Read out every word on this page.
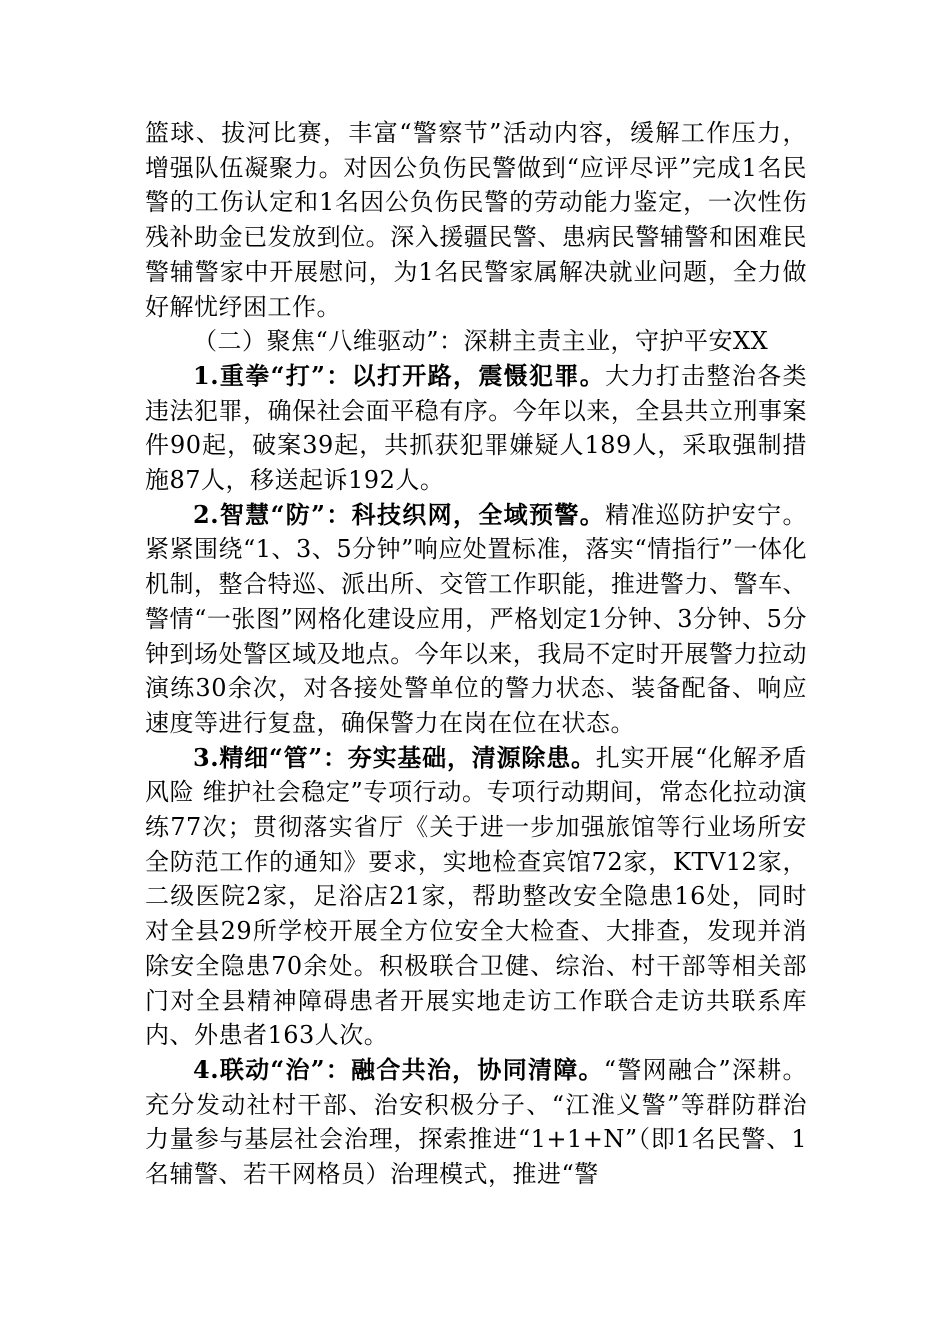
篮球、拔河比赛，丰富“警察节”活动内容，缓解工作压力，增强队伍凝聚力。对因公负伤民警做到“应评尽评”完成1名民警的工伤认定和1名因公负伤民警的劳动能力鉴定，一次性伤残补助金已发放到位。深入援疆民警、患病民警辅警和困难民警辅警家中开展慰问，为1名民警家属解决就业问题，全力做好解忧纾困工作。

（二）聚焦“八维驱动”：深耕主责主业，守护平安XX

1.重拳“打”：以打开路，震慑犯罪。大力打击整治各类违法犯罪，确保社会面平稳有序。今年以来，全县共立刑事案件90起，破案39起，共抓获犯罪嫌疑人189人，采取强制措施87人，移送起诉192人。

2.智慧“防”：科技织网，全域预警。精准巡防护安宁。紧紧围绕“1、3、5分钟”响应处置标准，落实“情指行”一体化机制，整合特巡、派出所、交管工作职能，推进警力、警车、警情“一张图”网格化建设应用，严格划定1分钟、3分钟、5分钟到场处警区域及地点。今年以来，我局不定时开展警力拉动演练30余次，对各接处警单位的警力状态、装备配备、响应速度等进行复盘，确保警力在岗在位在状态。

3.精细“管”：夯实基础，清源除患。扎实开展“化解矛盾风险 维护社会稳定”专项行动。专项行动期间，常态化拉动演练77次；贯彻落实省厅《关于进一步加强旅馆等行业场所安全防范工作的通知》要求，实地检查宾馆72家，KTV12家，二级医院2家，足浴店21家，帮助整改安全隐患16处，同时对全县29所学校开展全方位安全大检查、大排查，发现并消除安全隐患70余处。积极联合卫健、综治、村干部等相关部门对全县精神障碍患者开展实地走访工作联合走访共联系库内、外患者163人次。

4.联动“治”：融合共治，协同清障。“警网融合”深耕。充分发动社村干部、治安积极分子、“江淮义警”等群防群治力量参与基层社会治理，探索推进“1+1+N”（即1名民警、1名辅警、若干网格员）治理模式，推进“警
